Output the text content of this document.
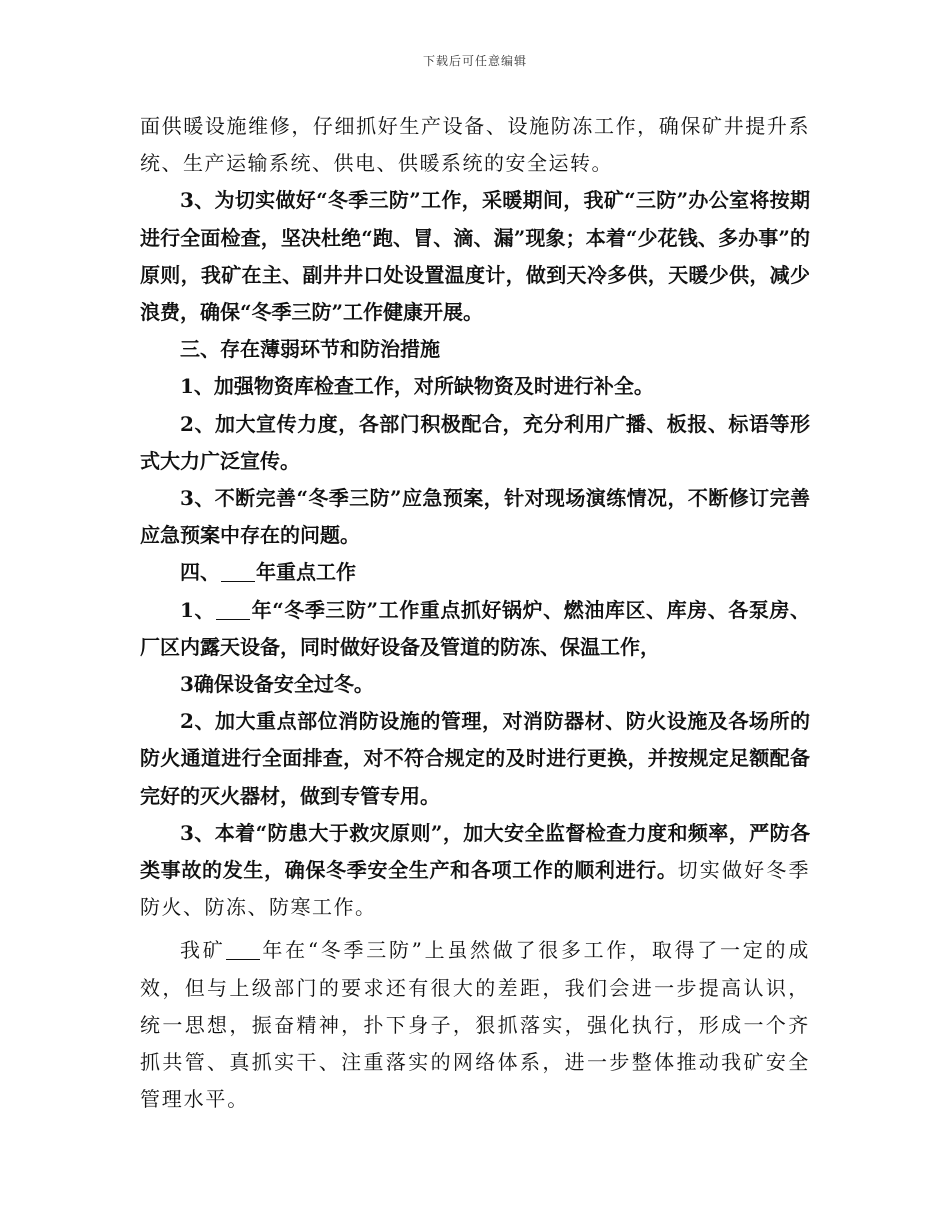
下载后可任意编辑

面供暖设施维修，仔细抓好生产设备、设施防冻工作，确保矿井提升系统、生产运输系统、供电、供暖系统的安全运转。

3、为切实做好“冬季三防”工作，采暖期间，我矿“三防”办公室将按期进行全面检查，坚决杜绝“跑、冒、滴、漏”现象；本着“少花钱、多办事”的原则，我矿在主、副井井口处设置温度计，做到天冷多供，天暖少供，减少浪费，确保“冬季三防”工作健康开展。

三、存在薄弱环节和防治措施

1、加强物资库检查工作，对所缺物资及时进行补全。

2、加大宣传力度，各部门积极配合，充分利用广播、板报、标语等形式大力广泛宣传。

3、不断完善“冬季三防”应急预案，针对现场演练情况，不断修订完善应急预案中存在的问题。

四、 年重点工作

1、 年“冬季三防”工作重点抓好锅炉、燃油库区、库房、各泵房、厂区内露天设备，同时做好设备及管道的防冻、保温工作，

3确保设备安全过冬。

2、加大重点部位消防设施的管理，对消防器材、防火设施及各场所的防火通道进行全面排查，对不符合规定的及时进行更换，并按规定足额配备完好的灭火器材，做到专管专用。

3、本着“防患大于救灾原则”，加大安全监督检查力度和频率，严防各类事故的发生，确保冬季安全生产和各项工作的顺利进行。切实做好冬季防火、防冻、防寒工作。

我矿 年在“冬季三防”上虽然做了很多工作，取得了一定的成效，但与上级部门的要求还有很大的差距，我们会进一步提高认识，统一思想，振奋精神，扑下身子，狠抓落实，强化执行，形成一个齐抓共管、真抓实干、注重落实的网络体系，进一步整体推动我矿安全管理水平。
